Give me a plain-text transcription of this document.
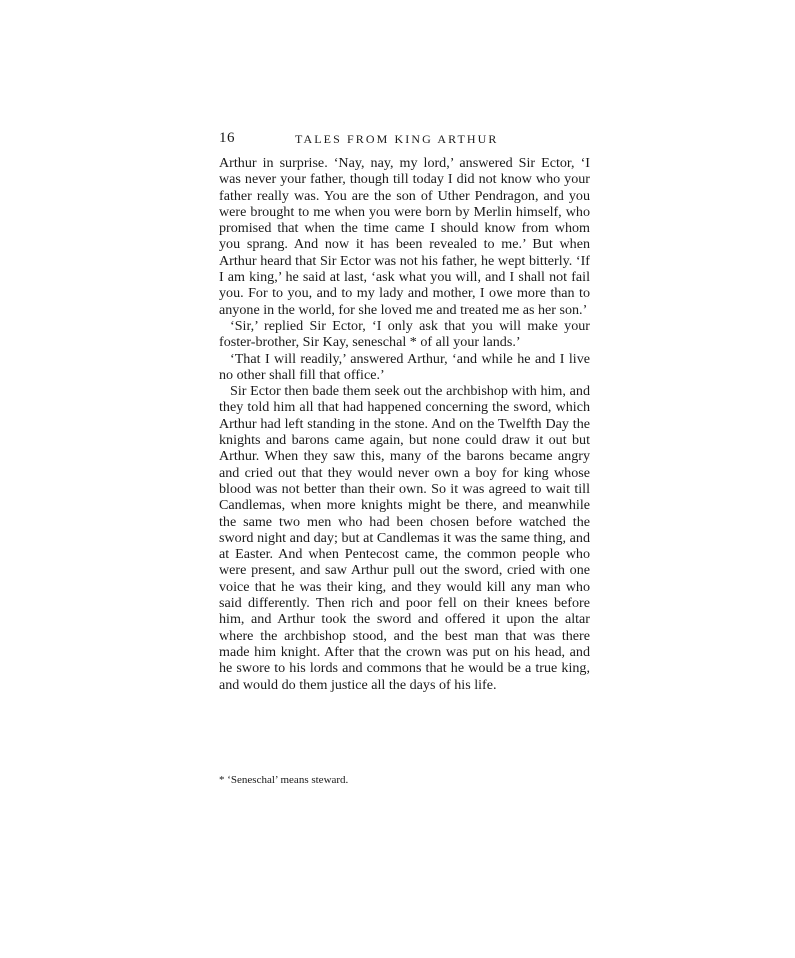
16	TALES FROM KING ARTHUR

Arthur in surprise. ‘Nay, nay, my lord,’ answered Sir Ector, ‘I was never your father, though till today I did not know who your father really was. You are the son of Uther Pendragon, and you were brought to me when you were born by Merlin himself, who promised that when the time came I should know from whom you sprang. And now it has been revealed to me.’ But when Arthur heard that Sir Ector was not his father, he wept bitterly. ‘If I am king,’ he said at last, ‘ask what you will, and I shall not fail you. For to you, and to my lady and mother, I owe more than to anyone in the world, for she loved me and treated me as her son.’

‘Sir,’ replied Sir Ector, ‘I only ask that you will make your foster-brother, Sir Kay, seneschal * of all your lands.’

‘That I will readily,’ answered Arthur, ‘and while he and I live no other shall fill that office.’

Sir Ector then bade them seek out the archbishop with him, and they told him all that had happened concerning the sword, which Arthur had left standing in the stone. And on the Twelfth Day the knights and barons came again, but none could draw it out but Arthur. When they saw this, many of the barons became angry and cried out that they would never own a boy for king whose blood was not better than their own. So it was agreed to wait till Candlemas, when more knights might be there, and meanwhile the same two men who had been chosen before watched the sword night and day; but at Candlemas it was the same thing, and at Easter. And when Pentecost came, the common people who were present, and saw Arthur pull out the sword, cried with one voice that he was their king, and they would kill any man who said differently. Then rich and poor fell on their knees before him, and Arthur took the sword and offered it upon the altar where the archbishop stood, and the best man that was there made him knight. After that the crown was put on his head, and he swore to his lords and commons that he would be a true king, and would do them justice all the days of his life.

* ‘Seneschal’ means steward.
